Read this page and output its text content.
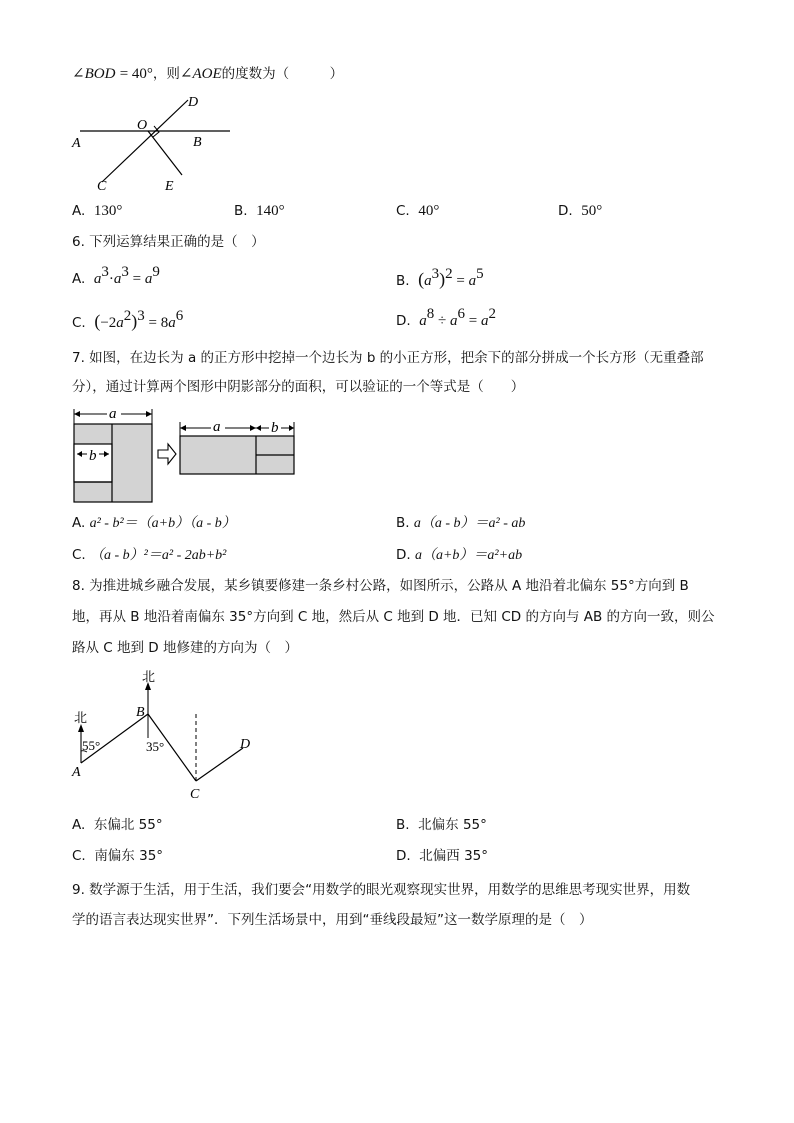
∠BOD = 40°，则∠AOE的度数为（　　　）
D
O
A	B
C	E
A. 130°	B. 140°	C. 40°	D. 50°
6. 下列运算结果正确的是（　）
A. $a^3\cdot a^3 = a^9$
B. $(a^3)^2 = a^5$
C. $(-2a^2)^3 = 8a^6$	D. $a^8 \div a^6 = a^2$
7. 如图，在边长为 a 的正方形中挖掉一个边长为 b 的小正方形，把余下的部分拼成一个长方形（无重叠部
分），通过计算两个图形中阴影部分的面积，可以验证的一个等式是（　　）
a
b
a	b
A. a² - b²＝（a+b）（a - b）	B. a（a - b）＝a² - ab
C. （a - b）²＝a² - 2ab+b²	D. a（a+b）＝a²+ab
8. 为推进城乡融合发展，某乡镇要修建一条乡村公路，如图所示，公路从 A 地沿着北偏东 55°方向到 B
地，再从 B 地沿着南偏东 35°方向到 C 地，然后从 C 地到 D 地．已知 CD 的方向与 AB 的方向一致，则公
路从 C 地到 D 地修建的方向为（　）
北
55°
北
35°
A
B
C
D
A. 东偏北 55°	B. 北偏东 55°
C. 南偏东 35°	D. 北偏西 35°
9. 数学源于生活，用于生活，我们要会“用数学的眼光观察现实世界，用数学的思维思考现实世界，用数
学的语言表达现实世界”．下列生活场景中，用到“垂线段最短”这一数学原理的是（　）
